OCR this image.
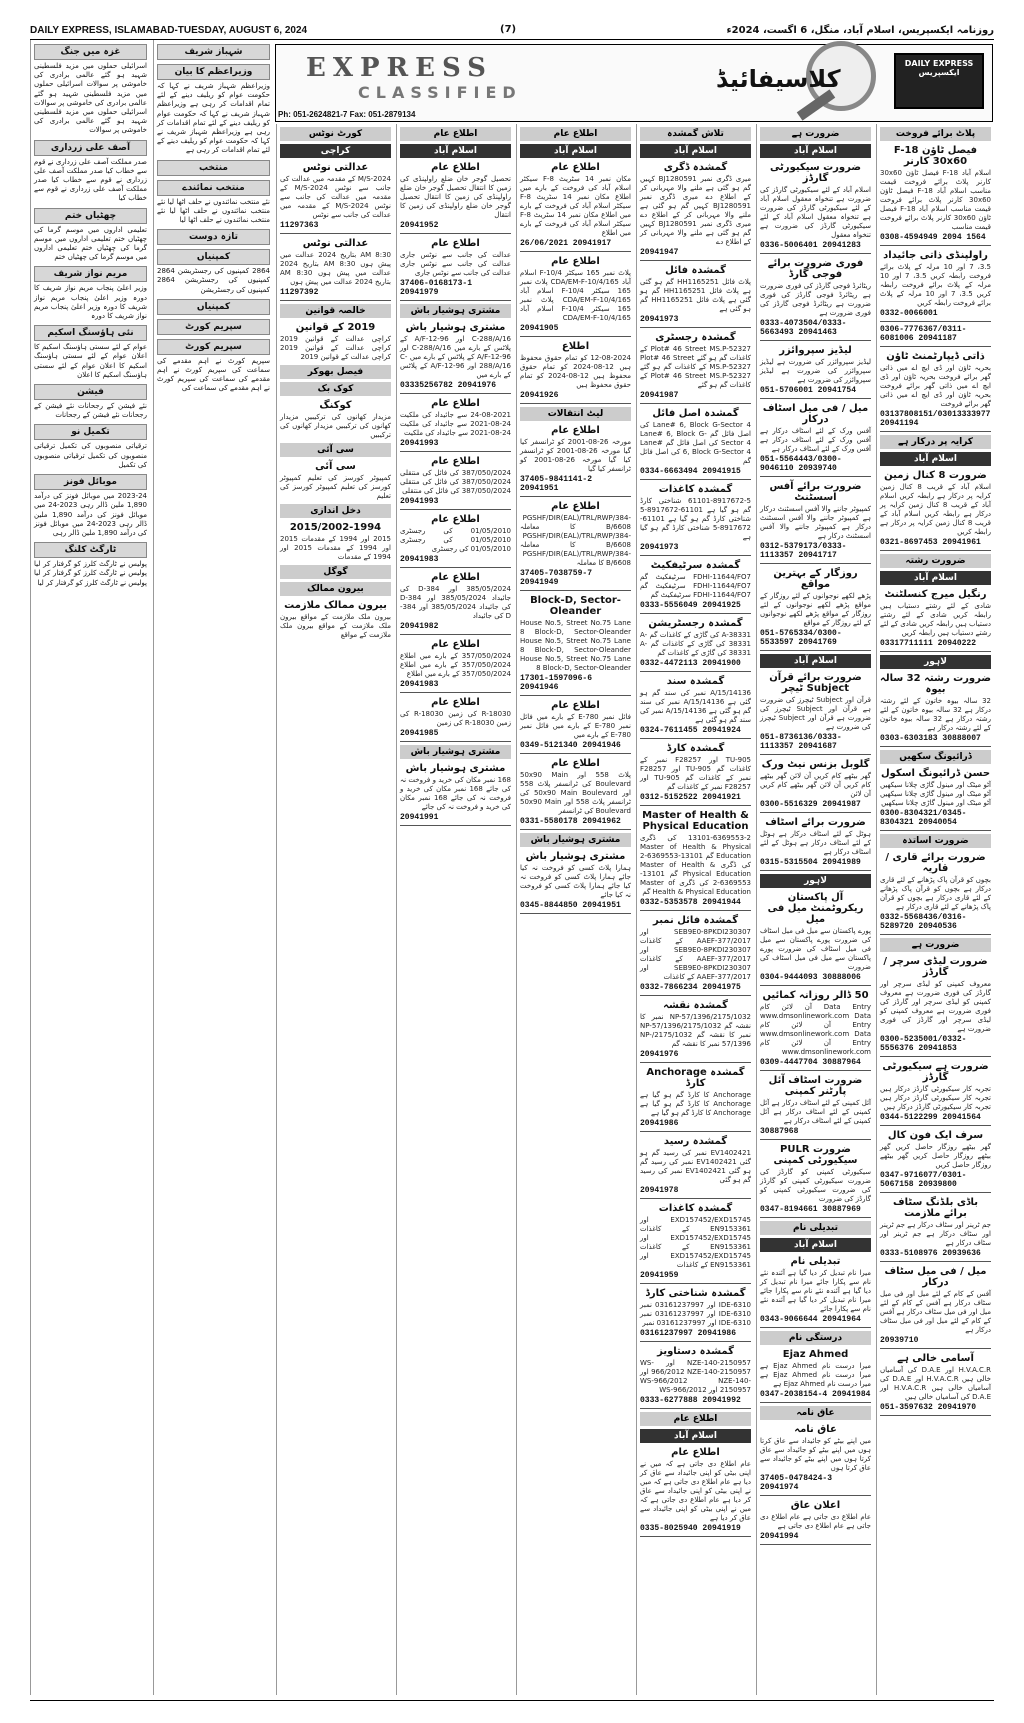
DAILY EXPRESS, ISLAMABAD-TUESDAY, AUGUST 6, 2024	(7)	روزنامہ ایکسپریس، اسلام آباد، منگل، 6 اگست، 2024ء
EXPRESS
CLASSIFIED	کلاسیفائیڈ
DAILY EXPRESS ایکسپریس
Ph: 051-2624821-7 Fax: 051-2879134
پلاٹ برائے فروخت
فیصل ٹاؤن F-18 30x60 کارنر
اسلام آباد F-18 فیصل ٹاؤن 30x60 کارنر پلاٹ برائے فروخت قیمت مناسب اسلام آباد F-18 فیصل ٹاؤن 30x60 کارنر پلاٹ برائے فروخت قیمت مناسب اسلام آباد F-18 فیصل ٹاؤن 30x60 کارنر پلاٹ برائے فروخت قیمت مناسب
0308-4594949 2094 1564
راولپنڈی ذاتی جائیداد
3.5، 7 اور 10 مرلہ کے پلاٹ برائے فروخت رابطہ کریں 3.5، 7 اور 10 مرلہ کے پلاٹ برائے فروخت رابطہ کریں 3.5، 7 اور 10 مرلہ کے پلاٹ برائے فروخت رابطہ کریں
0332-0066001
0306-7776367/0311-6081006 20941187
ذاتی ڈیپارٹمنٹ ٹاؤن
بحریہ ٹاؤن اور ڈی ایچ اے میں ذاتی گھر برائے فروخت بحریہ ٹاؤن اور ڈی ایچ اے میں ذاتی گھر برائے فروخت بحریہ ٹاؤن اور ڈی ایچ اے میں ذاتی گھر برائے فروخت
03137808151/03013333977 20941194
کرایہ پر درکار ہے
اسلام آباد
ضرورت 8 کنال زمین
اسلام آباد کے قریب 8 کنال زمین کرایہ پر درکار ہے رابطہ کریں اسلام آباد کے قریب 8 کنال زمین کرایہ پر درکار ہے رابطہ کریں اسلام آباد کے قریب 8 کنال زمین کرایہ پر درکار ہے رابطہ کریں
0321-8697453 20941961
ضرورت رشتہ
اسلام آباد
رنگیل میرج کنسلٹنٹ
شادی کے لئے رشتے دستیاب ہیں رابطہ کریں شادی کے لئے رشتے دستیاب ہیں رابطہ کریں شادی کے لئے رشتے دستیاب ہیں رابطہ کریں
03317711111 20940222
لاہور
ضرورت رشتہ 32 سالہ بیوہ
32 سالہ بیوہ خاتون کے لئے رشتہ درکار ہے 32 سالہ بیوہ خاتون کے لئے رشتہ درکار ہے 32 سالہ بیوہ خاتون کے لئے رشتہ درکار ہے
0303-6303183 30888007
ڈرائیونگ سکھیں
حسن ڈرائیونگ اسکول
آٹو میٹک اور مینول گاڑی چلانا سیکھیں آٹو میٹک اور مینول گاڑی چلانا سیکھیں آٹو میٹک اور مینول گاڑی چلانا سیکھیں
0300-8304321/0345-8304321 20940054
ضرورت اساتذہ
ضرورت برائے قاری / قاریہ
بچوں کو قرآن پاک پڑھانے کے لئے قاری درکار ہے بچوں کو قرآن پاک پڑھانے کے لئے قاری درکار ہے بچوں کو قرآن پاک پڑھانے کے لئے قاری درکار ہے
0332-5568436/0316-5289720 20940536
ضرورت ہے
ضرورت لیڈی سرچر / گارڈز
معروف کمپنی کو لیڈی سرچر اور گارڈز کی فوری ضرورت ہے معروف کمپنی کو لیڈی سرچر اور گارڈز کی فوری ضرورت ہے معروف کمپنی کو لیڈی سرچر اور گارڈز کی فوری ضرورت ہے
0300-5235001/0332-5556376 20941853
ضرورت ہے سیکیورٹی گارڈز
تجربہ کار سیکیورٹی گارڈز درکار ہیں تجربہ کار سیکیورٹی گارڈز درکار ہیں تجربہ کار سیکیورٹی گارڈز درکار ہیں
0344-5122299 20941564
سرف ایک فون کال
گھر بیٹھے روزگار حاصل کریں گھر بیٹھے روزگار حاصل کریں گھر بیٹھے روزگار حاصل کریں
0347-9716077/0301-5067158 20939800
باڈی بلڈنگ سٹاف برائے ملازمت
جم ٹرینر اور سٹاف درکار ہے جم ٹرینر اور سٹاف درکار ہے جم ٹرینر اور سٹاف درکار ہے
0333-5108976 20939636
میل / فی میل سٹاف درکار
آفس کے کام کے لئے میل اور فی میل سٹاف درکار ہے آفس کے کام کے لئے میل اور فی میل سٹاف درکار ہے آفس کے کام کے لئے میل اور فی میل سٹاف درکار ہے
20939710
آسامی خالی ہے
H.V.A.C.R اور D.A.E کی آسامیاں خالی ہیں H.V.A.C.R اور D.A.E کی آسامیاں خالی ہیں H.V.A.C.R اور D.A.E کی آسامیاں خالی ہیں
051-3597632 20941970
ضرورت ہے
اسلام آباد
ضرورت سیکیورٹی گارڈز
اسلام آباد کے لئے سیکیورٹی گارڈز کی ضرورت ہے تنخواہ معقول اسلام آباد کے لئے سیکیورٹی گارڈز کی ضرورت ہے تنخواہ معقول اسلام آباد کے لئے سیکیورٹی گارڈز کی ضرورت ہے تنخواہ معقول
0336-5006401 20941283
فوری ضرورت برائے فوجی گارڈ
ریٹائرڈ فوجی گارڈز کی فوری ضرورت ہے ریٹائرڈ فوجی گارڈز کی فوری ضرورت ہے ریٹائرڈ فوجی گارڈز کی فوری ضرورت ہے
0333-4073504/0333-5663493 20941463
لیڈیز سپروائزر
لیڈیز سپروائزر کی ضرورت ہے لیڈیز سپروائزر کی ضرورت ہے لیڈیز سپروائزر کی ضرورت ہے
051-5706001 20941754
میل / فی میل اسٹاف درکار
آفس ورک کے لئے اسٹاف درکار ہے آفس ورک کے لئے اسٹاف درکار ہے آفس ورک کے لئے اسٹاف درکار ہے
051-5564443/0300-9046110 20939740
ضرورت برائے آفس اسسٹنٹ
کمپیوٹر جاننے والا آفس اسسٹنٹ درکار ہے کمپیوٹر جاننے والا آفس اسسٹنٹ درکار ہے کمپیوٹر جاننے والا آفس اسسٹنٹ درکار ہے
0312-5379173/0333-1113357 20941717
روزگار کے بہترین مواقع
پڑھے لکھے نوجوانوں کے لئے روزگار کے مواقع پڑھے لکھے نوجوانوں کے لئے روزگار کے مواقع پڑھے لکھے نوجوانوں کے لئے روزگار کے مواقع
051-5765334/0300-5533597 20941769
اسلام آباد
ضرورت برائے قرآن Subject ٹیچر
قرآن اور Subject ٹیچرز کی ضرورت ہے قرآن اور Subject ٹیچرز کی ضرورت ہے قرآن اور Subject ٹیچرز کی ضرورت ہے
051-8736136/0333-1113357 20941687
گلوبل بزنس نیٹ ورک
گھر بیٹھے کام کریں آن لائن گھر بیٹھے کام کریں آن لائن گھر بیٹھے کام کریں آن لائن
0300-5516329 20941987
ضرورت برائے اسٹاف
ہوٹل کے لئے اسٹاف درکار ہے ہوٹل کے لئے اسٹاف درکار ہے ہوٹل کے لئے اسٹاف درکار ہے
0315-5315504 20941989
لاہور
آل پاکستان ریکروٹمنٹ میل فی میل
پورے پاکستان سے میل فی میل اسٹاف کی ضرورت پورے پاکستان سے میل فی میل اسٹاف کی ضرورت پورے پاکستان سے میل فی میل اسٹاف کی ضرورت
0304-9444093 30888006
50 ڈالر روزانہ کمائیں
Data Entry آن لائن کام www.dmsonlinework.com Data Entry آن لائن کام www.dmsonlinework.com Data Entry آن لائن کام www.dmsonlinework.com
0309-4447704 30887964
ضرورت اسٹاف آئل پارٹنر کمپنی
آئل کمپنی کے لئے اسٹاف درکار ہے آئل کمپنی کے لئے اسٹاف درکار ہے آئل کمپنی کے لئے اسٹاف درکار ہے
30887968
ضرورت PULR سیکیورٹی کمپنی
سیکیورٹی کمپنی کو گارڈز کی ضرورت سیکیورٹی کمپنی کو گارڈز کی ضرورت سیکیورٹی کمپنی کو گارڈز کی ضرورت
0347-8194661 30887969
تبدیلی نام
اسلام آباد
تبدیلی نام
میرا نام تبدیل کر دیا گیا ہے آئندہ نئے نام سے پکارا جائے میرا نام تبدیل کر دیا گیا ہے آئندہ نئے نام سے پکارا جائے میرا نام تبدیل کر دیا گیا ہے آئندہ نئے نام سے پکارا جائے
0343-9066644 20941964
درستگی نام
Ejaz Ahmed
میرا درست نام Ejaz Ahmed ہے میرا درست نام Ejaz Ahmed ہے میرا درست نام Ejaz Ahmed ہے
0347-2038154-4 20941984
عاق نامہ
عاق نامہ
میں اپنے بیٹے کو جائیداد سے عاق کرتا ہوں میں اپنے بیٹے کو جائیداد سے عاق کرتا ہوں میں اپنے بیٹے کو جائیداد سے عاق کرتا ہوں
37405-0478424-3 20941974
اعلان عاق
عام اطلاع دی جاتی ہے عام اطلاع دی جاتی ہے عام اطلاع دی جاتی ہے
20941994
تلاش گمشدہ
اسلام آباد
گمشدہ ڈگری
میری ڈگری نمبر BJ1280591 کہیں گم ہو گئی ہے ملنے والا مہربانی کر کے اطلاع دے میری ڈگری نمبر BJ1280591 کہیں گم ہو گئی ہے ملنے والا مہربانی کر کے اطلاع دے میری ڈگری نمبر BJ1280591 کہیں گم ہو گئی ہے ملنے والا مہربانی کر کے اطلاع دے
20941947
گمشدہ فائل
پلاٹ فائل HH1165251 گم ہو گئی ہے پلاٹ فائل HH1165251 گم ہو گئی ہے پلاٹ فائل HH1165251 گم ہو گئی ہے
20941973
گمشدہ رجسٹری
Plot# 46 Street MS.P-52327 کے کاغذات گم ہو گئے Plot# 46 Street MS.P-52327 کے کاغذات گم ہو گئے Plot# 46 Street MS.P-52327 کے کاغذات گم ہو گئے
20941987
گمشدہ اصل فائل
Lane# 6, Block G-Sector 4 کی اصل فائل گم Lane# 6, Block G-Sector 4 کی اصل فائل گم Lane# 6, Block G-Sector 4 کی اصل فائل گم
0334-6663494 20941915
گمشدہ کاغذات
61101-8917672-5 شناختی کارڈ گم ہو گیا ہے 61101-8917672-5 شناختی کارڈ گم ہو گیا ہے 61101-8917672-5 شناختی کارڈ گم ہو گیا ہے
20941973
گمشدہ سرٹیفکیٹ
FDHI-11644/FO7 سرٹیفکیٹ گم FDHI-11644/FO7 سرٹیفکیٹ گم FDHI-11644/FO7 سرٹیفکیٹ گم
0333-5556049 20941925
گمشدہ رجسٹریشن
A-38331 کی گاڑی کے کاغذات گم A-38331 کی گاڑی کے کاغذات گم A-38331 کی گاڑی کے کاغذات گم
0332-4472113 20941900
گمشدہ سند
14136/A/15 نمبر کی سند گم ہو گئی ہے 14136/A/15 نمبر کی سند گم ہو گئی ہے 14136/A/15 نمبر کی سند گم ہو گئی ہے
0324-7611455 20941924
گمشدہ کارڈ
TU-905 اور F28257 نمبر کے کاغذات گم TU-905 اور F28257 نمبر کے کاغذات گم TU-905 اور F28257 نمبر کے کاغذات گم
0312-5152522 20941921
Master of Health & Physical Education
13101-6369553-2 کی ڈگری Master of Health & Physical Education گم 13101-6369553-2 کی ڈگری Master of Health & Physical Education گم 13101-6369553-2 کی ڈگری Master of Health & Physical Education گم
0332-5353578 20941944
گمشدہ فائل نمبر
SEB9E0-8PKDI230307 اور 2017/AAEF-377 کے کاغذات SEB9E0-8PKDI230307 اور 2017/AAEF-377 کے کاغذات SEB9E0-8PKDI230307 اور 2017/AAEF-377 کے کاغذات
0332-7866234 20941975
گمشدہ نقشہ
2175/1032/NP-57/1396 نمبر کا نقشہ گم 2175/1032/NP-57/1396 نمبر کا نقشہ گم 2175/1032/NP-57/1396 نمبر کا نقشہ گم
20941976
گمشدہ Anchorage کارڈ
Anchorage کا کارڈ گم ہو گیا ہے Anchorage کا کارڈ گم ہو گیا ہے Anchorage کا کارڈ گم ہو گیا ہے
20941986
گمشدہ رسید
EV1402421 نمبر کی رسید گم ہو گئی EV1402421 نمبر کی رسید گم ہو گئی EV1402421 نمبر کی رسید گم ہو گئی
20941978
گمشدہ کاغذات
EXD157452/EXD15745 اور EN9153361 کے کاغذات EXD157452/EXD15745 اور EN9153361 کے کاغذات EXD157452/EXD15745 اور EN9153361 کے کاغذات
20941959
گمشدہ شناختی کارڈ
IDE-6310 اور 03161237997 نمبر IDE-6310 اور 03161237997 نمبر IDE-6310 اور 03161237997 نمبر
03161237997 20941986
گمشدہ دستاویز
NZE-140-2150957 اور WS-966/2012 NZE-140-2150957 اور WS-966/2012 NZE-140-2150957 اور WS-966/2012
0333-6277888 20941992
اطلاع عام
اسلام آباد
اطلاع عام
عام اطلاع دی جاتی ہے کہ میں نے اپنی بیٹی کو اپنی جائیداد سے عاق کر دیا ہے عام اطلاع دی جاتی ہے کہ میں نے اپنی بیٹی کو اپنی جائیداد سے عاق کر دیا ہے عام اطلاع دی جاتی ہے کہ میں نے اپنی بیٹی کو اپنی جائیداد سے عاق کر دیا ہے
0335-8025940 20941919
اطلاع عام
اسلام آباد
اطلاع عام
مکان نمبر 14 سٹریٹ F-8 سیکٹر اسلام آباد کی فروخت کے بارے میں اطلاع مکان نمبر 14 سٹریٹ F-8 سیکٹر اسلام آباد کی فروخت کے بارے میں اطلاع مکان نمبر 14 سٹریٹ F-8 سیکٹر اسلام آباد کی فروخت کے بارے میں اطلاع
26/06/2021 20941917
اطلاع عام
پلاٹ نمبر 165 سیکٹر F-10/4 اسلام آباد CDA/EM-F-10/4/165 پلاٹ نمبر 165 سیکٹر F-10/4 اسلام آباد CDA/EM-F-10/4/165 پلاٹ نمبر 165 سیکٹر F-10/4 اسلام آباد CDA/EM-F-10/4/165
20941905
اطلاع
12-08-2024 کو تمام حقوق محفوظ ہیں 12-08-2024 کو تمام حقوق محفوظ ہیں 12-08-2024 کو تمام حقوق محفوظ ہیں
20941926
لیٹ انتقالات
اطلاع عام
مورخہ 26-08-2001 کو ٹرانسفر کیا گیا مورخہ 26-08-2001 کو ٹرانسفر کیا گیا مورخہ 26-08-2001 کو ٹرانسفر کیا گیا
37405-9841141-2 20941951
اطلاع عام
PGSHF/DIR(EAL)/TRL/RWP/384-B/6608 کا معاملہ PGSHF/DIR(EAL)/TRL/RWP/384-B/6608 کا معاملہ PGSHF/DIR(EAL)/TRL/RWP/384-B/6608 کا معاملہ
37405-7038759-7 20941949
Block-D, Sector-Oleander
House No.5, Street No.75 Lane 8 Block-D, Sector-Oleander House No.5, Street No.75 Lane 8 Block-D, Sector-Oleander House No.5, Street No.75 Lane 8 Block-D, Sector-Oleander
17301-1597096-6 20941946
اطلاع عام
فائل نمبر 780-E کے بارے میں فائل نمبر 780-E کے بارے میں فائل نمبر 780-E کے بارے میں
0349-5121340 20941946
اطلاع عام
پلاٹ 558 اور 50x90 Main Boulevard کی ٹرانسفر پلاٹ 558 اور 50x90 Main Boulevard کی ٹرانسفر پلاٹ 558 اور 50x90 Main Boulevard کی ٹرانسفر
0331-5580178 20941962
مشتری ہوشیار باش
مشتری ہوشیار باش
ہمارا پلاٹ کسی کو فروخت نہ کیا جائے ہمارا پلاٹ کسی کو فروخت نہ کیا جائے ہمارا پلاٹ کسی کو فروخت نہ کیا جائے
0345-8844850 20941951
اطلاع عام
اسلام آباد
اطلاع عام
تحصیل گوجر خان ضلع راولپنڈی کی زمین کا انتقال تحصیل گوجر خان ضلع راولپنڈی کی زمین کا انتقال تحصیل گوجر خان ضلع راولپنڈی کی زمین کا انتقال
20941952
اطلاع عام
عدالت کی جانب سے نوٹس جاری عدالت کی جانب سے نوٹس جاری عدالت کی جانب سے نوٹس جاری
37406-0168173-1 20941979
مشتری ہوشیار باش
مشتری ہوشیار باش
C-288/A/16 اور 96-A/F-12 کے پلاٹس کے بارے میں C-288/A/16 اور 96-A/F-12 کے پلاٹس کے بارے میں C-288/A/16 اور 96-A/F-12 کے پلاٹس کے بارے میں
03335256782 20941976
اطلاع عام
24-08-2021 سے جائیداد کی ملکیت 24-08-2021 سے جائیداد کی ملکیت 24-08-2021 سے جائیداد کی ملکیت
20941993
اطلاع عام
387/050/2024 کی فائل کی منتقلی 387/050/2024 کی فائل کی منتقلی 387/050/2024 کی فائل کی منتقلی
20941993
اطلاع عام
01/05/2010 کی رجسٹری 01/05/2010 کی رجسٹری 01/05/2010 کی رجسٹری
20941983
اطلاع عام
385/05/2024 اور 384-D کی جائیداد 385/05/2024 اور 384-D کی جائیداد 385/05/2024 اور 384-D کی جائیداد
20941982
اطلاع عام
357/050/2024 کے بارے میں اطلاع 357/050/2024 کے بارے میں اطلاع 357/050/2024 کے بارے میں اطلاع
20941983
اطلاع عام
R-18030 کی زمین R-18030 کی زمین R-18030 کی زمین
20941985
مشتری ہوشیار باش
مشتری ہوشیار باش
168 نمبر مکان کی خرید و فروخت نہ کی جائے 168 نمبر مکان کی خرید و فروخت نہ کی جائے 168 نمبر مکان کی خرید و فروخت نہ کی جائے
20941991
کورٹ نوٹس
کراچی
عدالتی نوٹس
M/S-2024 کے مقدمہ میں عدالت کی جانب سے نوٹس M/S-2024 کے مقدمہ میں عدالت کی جانب سے نوٹس M/S-2024 کے مقدمہ میں عدالت کی جانب سے نوٹس
11297363
عدالتی نوٹس
8:30 AM بتاریخ 2024 عدالت میں پیش ہوں 8:30 AM بتاریخ 2024 عدالت میں پیش ہوں 8:30 AM بتاریخ 2024 عدالت میں پیش ہوں
11297392
خالصہ قوانین
2019 کے قوانین
کراچی عدالت کے قوانین 2019 کراچی عدالت کے قوانین 2019 کراچی عدالت کے قوانین 2019
فیصل بھوکر
کوک بک
کوکنگ
مزیدار کھانوں کی ترکیبیں مزیدار کھانوں کی ترکیبیں مزیدار کھانوں کی ترکیبیں
سی آئی
سی آئی
کمپیوٹر کورسز کی تعلیم کمپیوٹر کورسز کی تعلیم کمپیوٹر کورسز کی تعلیم
دخل اندازی
2015/2002-1994
2015 اور 1994 کے مقدمات 2015 اور 1994 کے مقدمات 2015 اور 1994 کے مقدمات
گوگل
بیرون ممالک
بیرون ممالک ملازمت
بیرون ملک ملازمت کے مواقع بیرون ملک ملازمت کے مواقع بیرون ملک ملازمت کے مواقع
شہباز شریف
وزیراعظم کا بیان
وزیراعظم شہباز شریف نے کہا کہ حکومت عوام کو ریلیف دینے کے لئے تمام اقدامات کر رہی ہے وزیراعظم شہباز شریف نے کہا کہ حکومت عوام کو ریلیف دینے کے لئے تمام اقدامات کر رہی ہے وزیراعظم شہباز شریف نے کہا کہ حکومت عوام کو ریلیف دینے کے لئے تمام اقدامات کر رہی ہے
منتخب
منتخب نمائندے
نئے منتخب نمائندوں نے حلف اٹھا لیا نئے منتخب نمائندوں نے حلف اٹھا لیا نئے منتخب نمائندوں نے حلف اٹھا لیا
تازہ دوست
کمپنیاں
2864 کمپنیوں کی رجسٹریشن 2864 کمپنیوں کی رجسٹریشن 2864 کمپنیوں کی رجسٹریشن
کمپنیاں
سپریم کورٹ
سپریم کورٹ
سپریم کورٹ نے اہم مقدمے کی سماعت کی سپریم کورٹ نے اہم مقدمے کی سماعت کی سپریم کورٹ نے اہم مقدمے کی سماعت کی
غزہ میں جنگ
اسرائیلی حملوں میں مزید فلسطینی شہید ہو گئے عالمی برادری کی خاموشی پر سوالات اسرائیلی حملوں میں مزید فلسطینی شہید ہو گئے عالمی برادری کی خاموشی پر سوالات اسرائیلی حملوں میں مزید فلسطینی شہید ہو گئے عالمی برادری کی خاموشی پر سوالات
آصف علی زرداری
صدر مملکت آصف علی زرداری نے قوم سے خطاب کیا صدر مملکت آصف علی زرداری نے قوم سے خطاب کیا صدر مملکت آصف علی زرداری نے قوم سے خطاب کیا
چھٹیاں ختم
تعلیمی اداروں میں موسم گرما کی چھٹیاں ختم تعلیمی اداروں میں موسم گرما کی چھٹیاں ختم تعلیمی اداروں میں موسم گرما کی چھٹیاں ختم
مریم نواز شریف
وزیر اعلیٰ پنجاب مریم نواز شریف کا دورہ وزیر اعلیٰ پنجاب مریم نواز شریف کا دورہ وزیر اعلیٰ پنجاب مریم نواز شریف کا دورہ
نئی ہاؤسنگ اسکیم
عوام کے لئے سستی ہاؤسنگ اسکیم کا اعلان عوام کے لئے سستی ہاؤسنگ اسکیم کا اعلان عوام کے لئے سستی ہاؤسنگ اسکیم کا اعلان
فیشن
نئے فیشن کے رجحانات نئے فیشن کے رجحانات نئے فیشن کے رجحانات
تکمیل نو
ترقیاتی منصوبوں کی تکمیل ترقیاتی منصوبوں کی تکمیل ترقیاتی منصوبوں کی تکمیل
موبائل فونز
2023-24 میں موبائل فونز کی درآمد 1,890 ملین ڈالر رہی 2023-24 میں موبائل فونز کی درآمد 1,890 ملین ڈالر رہی 2023-24 میں موبائل فونز کی درآمد 1,890 ملین ڈالر رہی
ٹارگٹ کلنگ
پولیس نے ٹارگٹ کلرز کو گرفتار کر لیا پولیس نے ٹارگٹ کلرز کو گرفتار کر لیا پولیس نے ٹارگٹ کلرز کو گرفتار کر لیا
